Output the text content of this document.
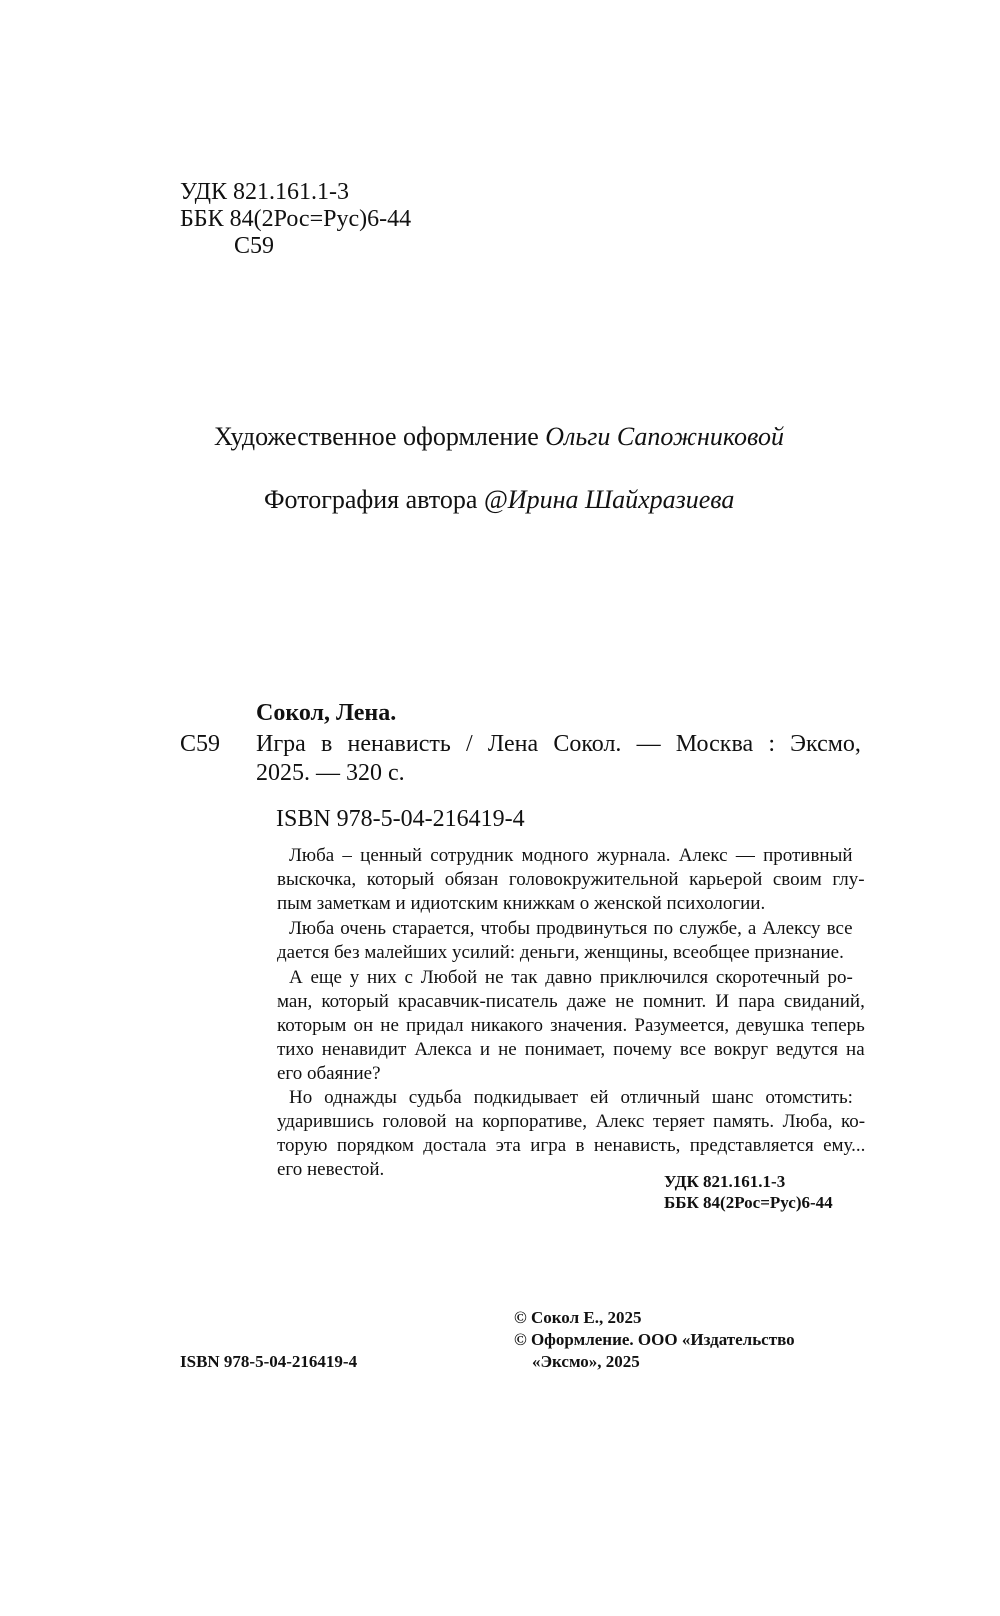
УДК 821.161.1-3
ББК 84(2Рос=Рус)6-44
С59
Художественное оформление Ольги Сапожниковой
Фотография автора @Ирина Шайхразиева
Сокол, Лена.
С59 Игра в ненависть / Лена Сокол. — Москва : Эксмо,
2025. — 320 с.
ISBN 978-5-04-216419-4
Люба – ценный сотрудник модного журнала. Алекс — противный
выскочка, который обязан головокружительной карьерой своим глу-
пым заметкам и идиотским книжкам о женской психологии.
Люба очень старается, чтобы продвинуться по службе, а Алексу все
дается без малейших усилий: деньги, женщины, всеобщее признание.
А еще у них с Любой не так давно приключился скоротечный ро-
ман, который красавчик-писатель даже не помнит. И пара свиданий,
которым он не придал никакого значения. Разумеется, девушка теперь
тихо ненавидит Алекса и не понимает, почему все вокруг ведутся на
его обаяние?
Но однажды судьба подкидывает ей отличный шанс отомстить:
ударившись головой на корпоративе, Алекс теряет память. Люба, ко-
торую порядком достала эта игра в ненависть, представляется ему...
его невестой.
УДК 821.161.1-3
ББК 84(2Рос=Рус)6-44
ISBN 978-5-04-216419-4
© Сокол Е., 2025
© Оформление. ООО «Издательство
«Эксмо», 2025
